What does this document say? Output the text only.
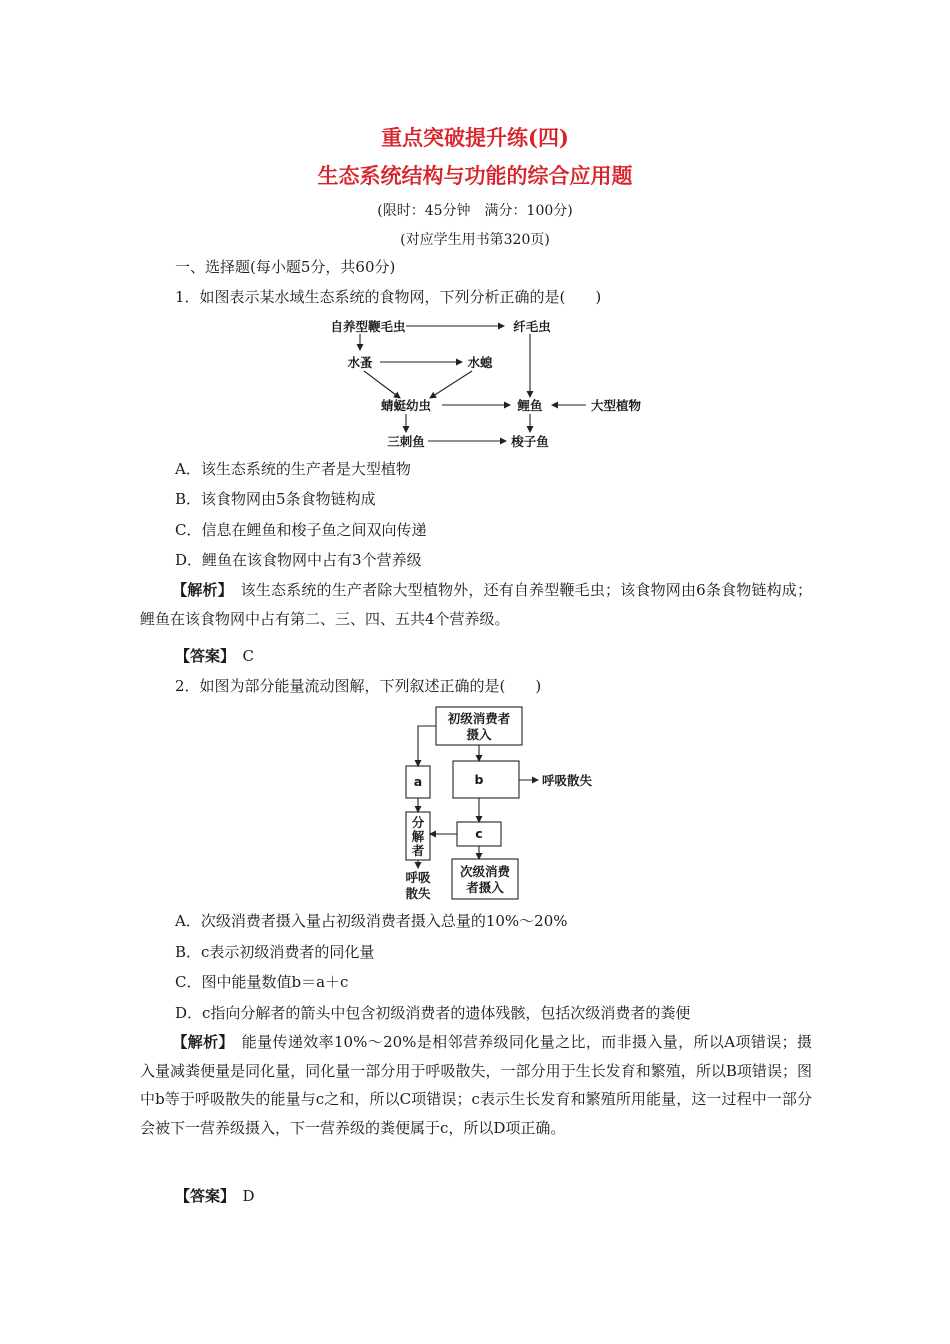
重点突破提升练(四)
生态系统结构与功能的综合应用题

(限时：45分钟　满分：100分)

(对应学生用书第320页)

一、选择题(每小题5分，共60分)

1．如图表示某水域生态系统的食物网，下列分析正确的是(　　)

自养型鞭毛虫	纤毛虫
水蚤	水螅
蜻蜓幼虫	鲤鱼	大型植物
三刺鱼	梭子鱼

A．该生态系统的生产者是大型植物

B．该食物网由5条食物链构成

C．信息在鲤鱼和梭子鱼之间双向传递

D．鲤鱼在该食物网中占有3个营养级

【解析】　 该生态系统的生产者除大型植物外，还有自养型鞭毛虫；该食物网由6条食物链构成；鲤鱼在该食物网中占有第二、三、四、五共4个营养级。

【答案】　 C

2．如图为部分能量流动图解，下列叙述正确的是(　　)

初级消费者
摄入
a	b	呼吸散失
分
解
者
c
呼吸
散失
次级消费
者摄入

A．次级消费者摄入量占初级消费者摄入总量的10%～20%

B．c表示初级消费者的同化量

C．图中能量数值b＝a＋c

D．c指向分解者的箭头中包含初级消费者的遗体残骸，包括次级消费者的粪便

【解析】　 能量传递效率10%～20%是相邻营养级同化量之比，而非摄入量，所以A项错误；摄入量减粪便量是同化量，同化量一部分用于呼吸散失，一部分用于生长发育和繁殖，所以B项错误；图中b等于呼吸散失的能量与c之和，所以C项错误；c表示生长发育和繁殖所用能量，这一过程中一部分会被下一营养级摄入，下一营养级的粪便属于c，所以D项正确。

【答案】　 D
